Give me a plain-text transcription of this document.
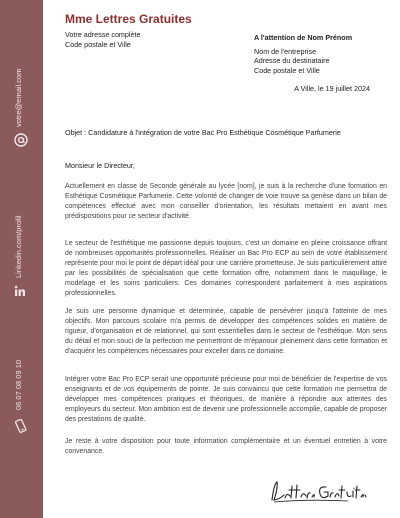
votre@email.com
Linkedin.com/profil
06 07 08 09 10
Mme Lettres Gratuites
Votre adresse complète
Code postale et Ville
A l'attention de Nom Prénom
Nom de l'entreprise
Adresse du destinataire
Code postale et Ville
A Ville, le 19 juillet 2024
Objet : Candidature à l'intégration de votre Bac Pro Esthétique Cosmétique Parfumerie
Monsieur le Directeur,

Actuellement en classe de Seconde générale au lycée [nom], je suis à la recherche d'une formation en Esthétique Cosmétique Parfumerie. Cette volonté de changer de voie trouve sa genèse dans un bilan de compétences effectué avec mon conseiller d'orientation, les résultats mettaient en avant mes prédispositions pour ce secteur d'activité.

Le secteur de l'esthétique me passionne depuis toujours, c'est un domaine en pleine croissance offrant de nombreuses opportunités professionnelles. Réaliser un Bac Pro ECP au sein de votre établissement représente pour moi le point de départ idéal pour une carrière prometteuse. Je suis particulièrement attiré par les possibilités de spécialisation que cette formation offre, notamment dans le maquillage, le modelage et les soins particuliers. Ces domaines correspondent parfaitement à mes aspirations professionnelles.

Je suis une personne dynamique et déterminée, capable de persévérer jusqu'à l'atteinte de mes objectifs. Mon parcours scolaire m'a permis de développer des compétences solides en matière de rigueur, d'organisation et de relationnel, qui sont essentielles dans le secteur de l'esthétique. Mon sens du détail et mon souci de la perfection me permettront de m'épanouir pleinement dans cette formation et d'acquérir les compétences nécessaires pour exceller dans ce domaine.

Intégrer votre Bac Pro ECP serait une opportunité précieuse pour moi de bénéficier de l'expertise de vos enseignants et de vos équipements de pointe. Je suis convaincu que cette formation me permettra de développer mes compétences pratiques et théoriques, de manière à répondre aux attentes des employeurs du secteur. Mon ambition est de devenir une professionnelle accomplie, capable de proposer des prestations de qualité.

Je reste à votre disposition pour toute information complémentaire et un éventuel entretien à votre convenance.
